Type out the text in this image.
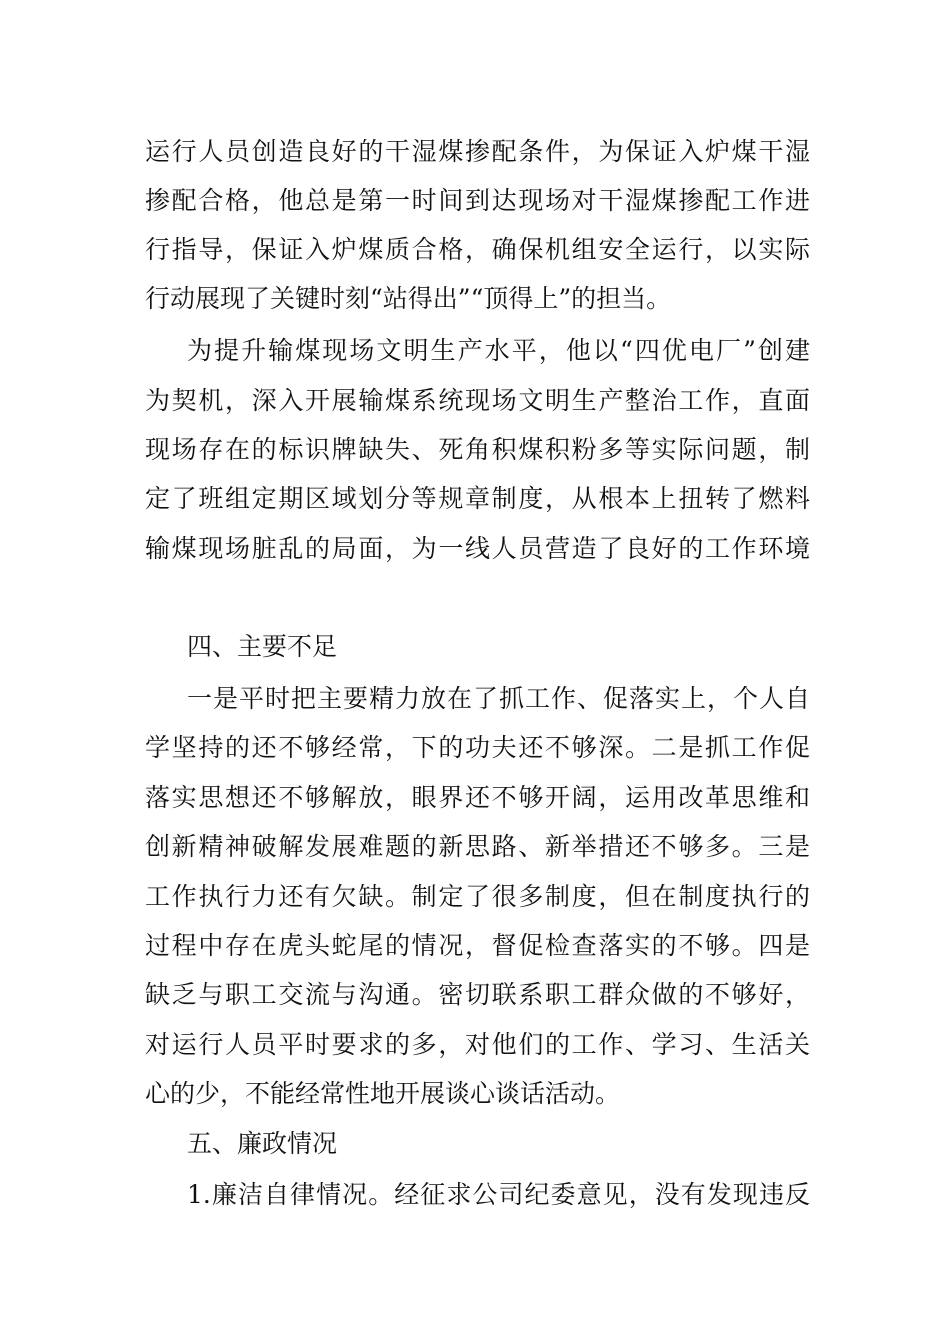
运行人员创造良好的干湿煤掺配条件，为保证入炉煤干湿
掺配合格，他总是第一时间到达现场对干湿煤掺配工作进
行指导，保证入炉煤质合格，确保机组安全运行，以实际
行动展现了关键时刻“站得出”“顶得上”的担当。
为提升输煤现场文明生产水平，他以“四优电厂”创建
为契机，深入开展输煤系统现场文明生产整治工作，直面
现场存在的标识牌缺失、死角积煤积粉多等实际问题，制
定了班组定期区域划分等规章制度，从根本上扭转了燃料
输煤现场脏乱的局面，为一线人员营造了良好的工作环境
四、主要不足
一是平时把主要精力放在了抓工作、促落实上，个人自
学坚持的还不够经常，下的功夫还不够深。二是抓工作促
落实思想还不够解放，眼界还不够开阔，运用改革思维和
创新精神破解发展难题的新思路、新举措还不够多。三是
工作执行力还有欠缺。制定了很多制度，但在制度执行的
过程中存在虎头蛇尾的情况，督促检查落实的不够。四是
缺乏与职工交流与沟通。密切联系职工群众做的不够好，
对运行人员平时要求的多，对他们的工作、学习、生活关
心的少，不能经常性地开展谈心谈话活动。
五、廉政情况
1.廉洁自律情况。经征求公司纪委意见，没有发现违反
